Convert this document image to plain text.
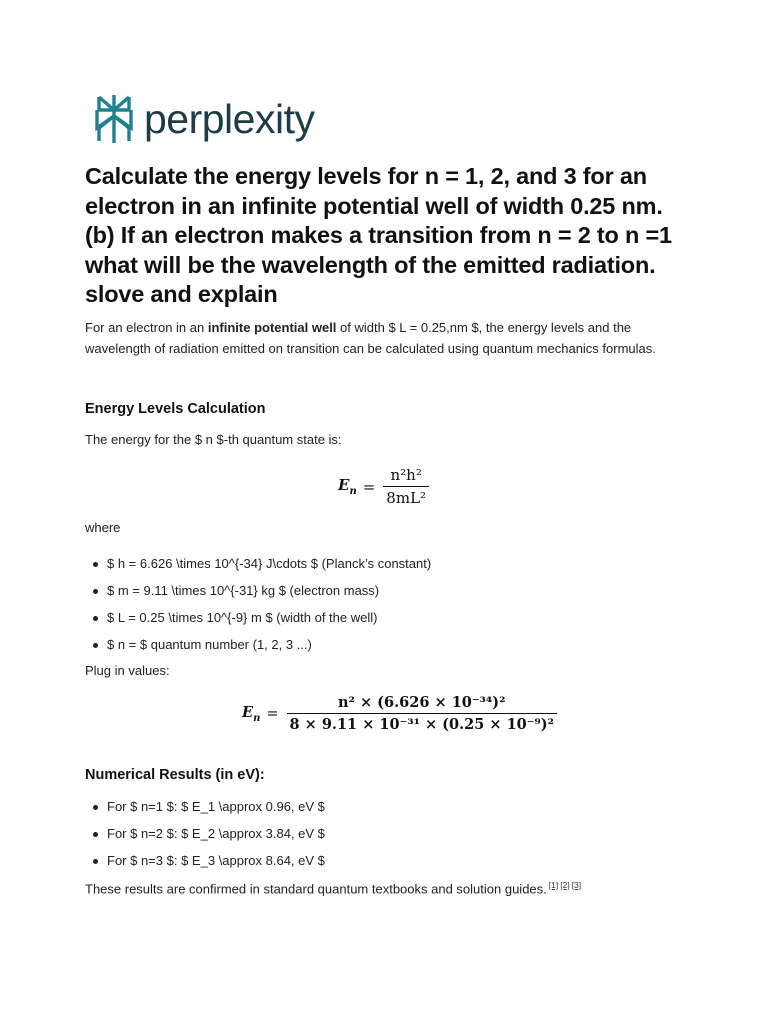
perplexity
Calculate the energy levels for n = 1, 2, and 3 for an electron in an infinite potential well of width 0.25 nm. (b) If an electron makes a transition from n = 2 to n =1 what will be the wavelength of the emitted radiation. slove and explain

For an electron in an infinite potential well of width $ L = 0.25,nm $, the energy levels and the wavelength of radiation emitted on transition can be calculated using quantum mechanics formulas.

Energy Levels Calculation

The energy for the $ n $-th quantum state is:

$E_n = \frac{\text{n²h²}}{\text{8mL²}}$

where

$ h = 6.626 \times 10^{-34} J\cdots $ (Planck’s constant)
$ m = 9.11 \times 10^{-31} kg $ (electron mass)
$ L = 0.25 \times 10^{-9} m $ (width of the well)
$ n = $ quantum number (1, 2, 3 ...)

Plug in values:

$E_n = \frac{\text{n² × (6.626 × 10⁻³⁴)²}}{\text{8 × 9.11 × 10⁻³¹ × (0.25 × 10⁻⁹)²}}$
Numerical Results (in eV):
For $ n=1 $: $ E_1 \approx 0.96, eV $
For $ n=2 $: $ E_2 \approx 3.84, eV $
For $ n=3 $: $ E_3 \approx 8.64, eV $

These results are confirmed in standard quantum textbooks and solution guides. [1] [2] [3]
